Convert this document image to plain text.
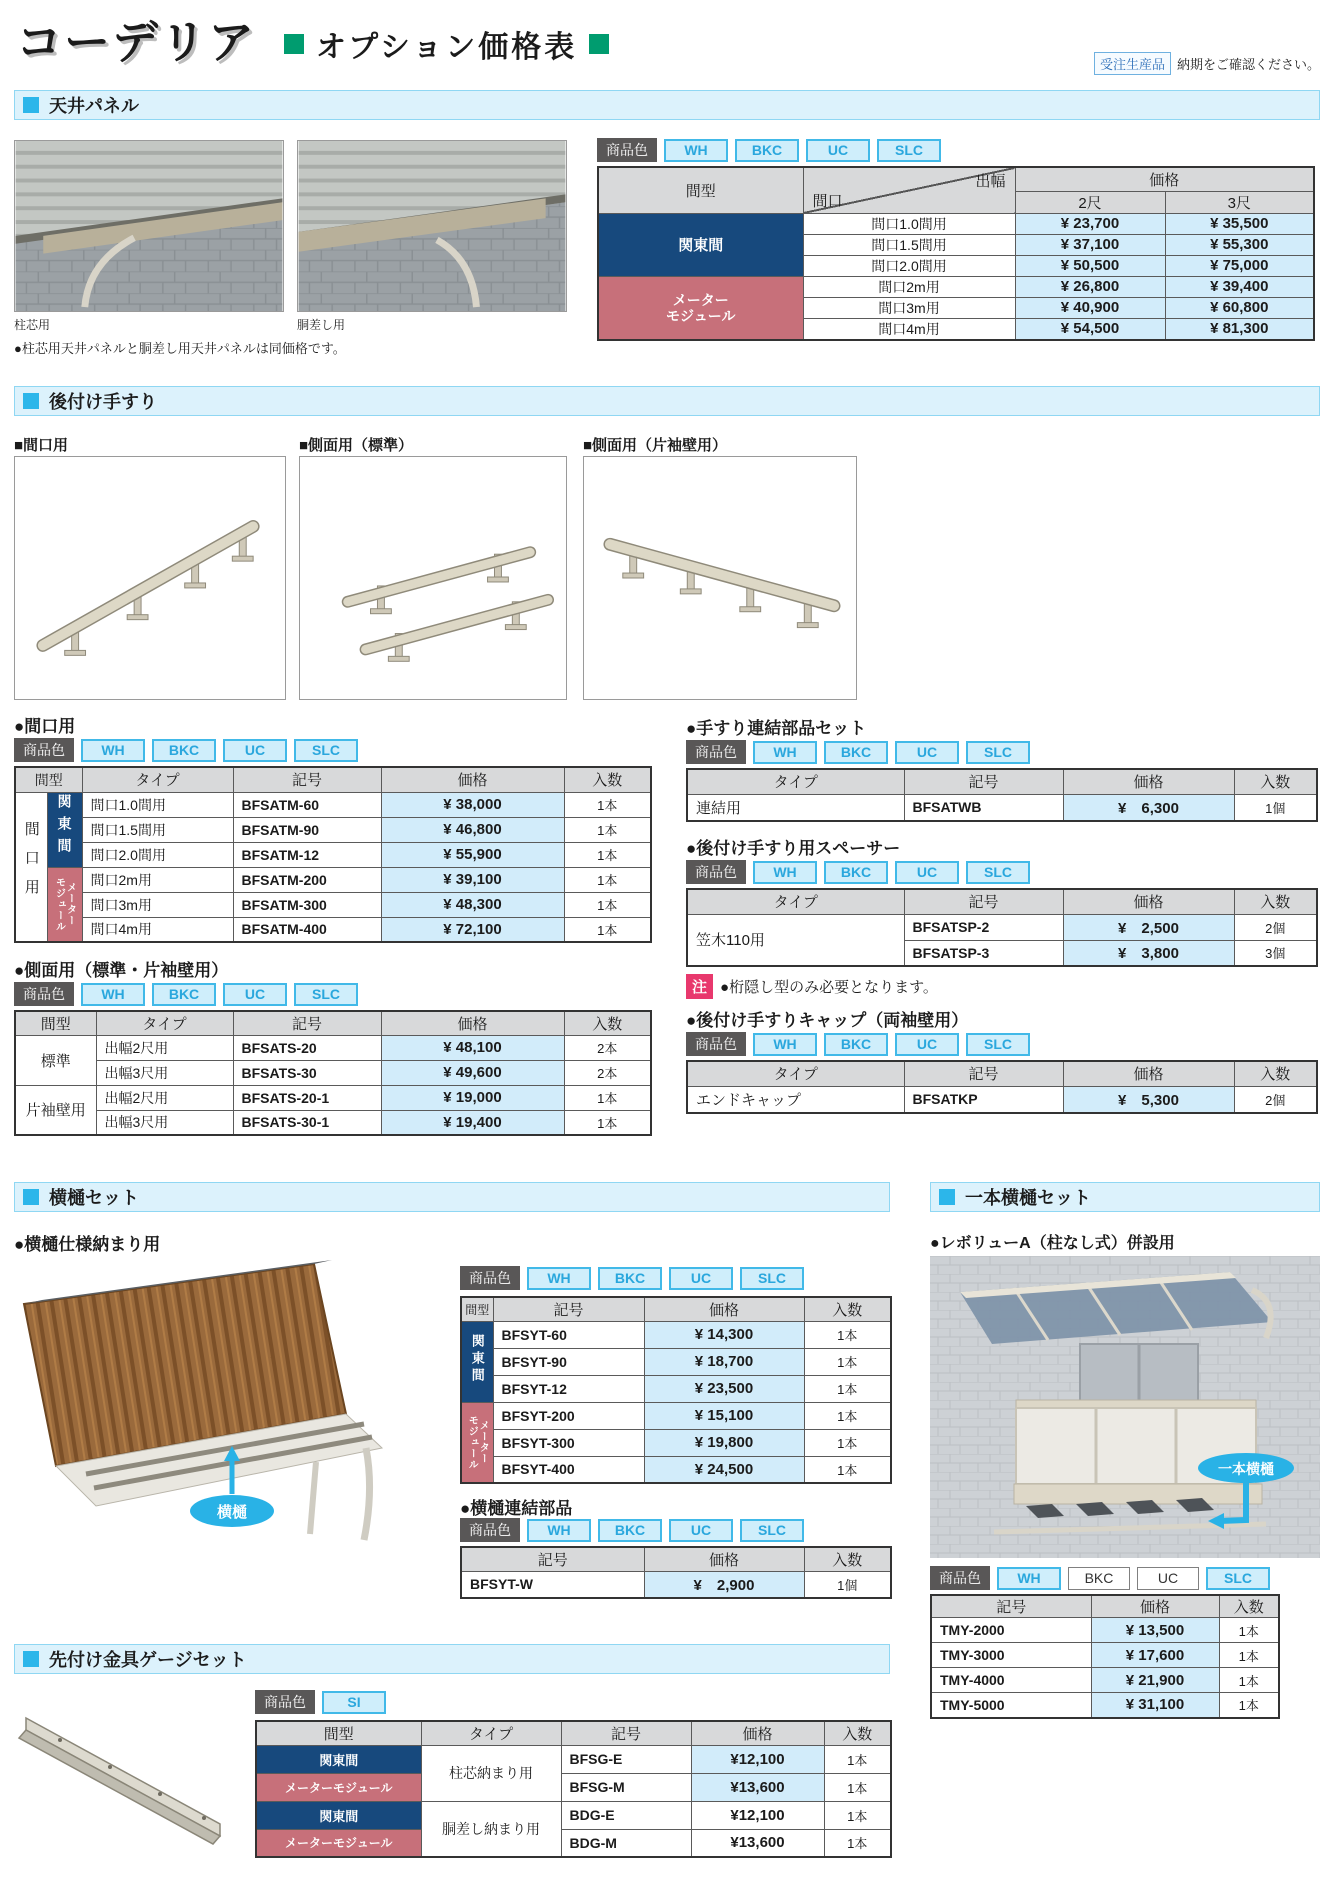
コーデリア オプション価格表
受注生産品 納期をご確認ください。
天井パネル
柱芯用	胴差し用
●柱芯用天井パネルと胴差し用天井パネルは同価格です。
商品色	WH	BKC	UC	SLC
間型	出幅
間口	価格	
		2尺	3尺
関東間	間口1.0間用	¥ 23,700	¥ 35,500
	間口1.5間用	¥ 37,100	¥ 55,300
	間口2.0間用	¥ 50,500	¥ 75,000

メーター
モジュール	間口2m用	¥ 26,800	¥ 39,400
	間口3m用	¥ 40,900	¥ 60,800
	間口4m用	¥ 54,500	¥ 81,300
後付け手すり
■間口用	■側面用（標準）	■側面用（片袖壁用）
●間口用
商品色	WH	BKC	UC	SLC
間型		タイプ	記号	価格	入数
間口用	関東間	間口1.0間用	BFSATM-60	¥ 38,000	1本
		間口1.5間用	BFSATM-90	¥ 46,800	1本
		間口2.0間用	BFSATM-12	¥ 55,900	1本

	メーター
モジュール	間口2m用	BFSATM-200	¥ 39,100	1本
		間口3m用	BFSATM-300	¥ 48,300	1本
		間口4m用	BFSATM-400	¥ 72,100	1本
●側面用（標準・片袖壁用）
商品色	WH	BKC	UC	SLC
間型	タイプ	記号	価格	入数
標準	出幅2尺用	BFSATS-20	¥ 48,100	2本
	出幅3尺用	BFSATS-30	¥ 49,600	2本
片袖壁用	出幅2尺用	BFSATS-20-1	¥ 19,000	1本
	出幅3尺用	BFSATS-30-1	¥ 19,400	1本
●手すり連結部品セット
商品色	WH	BKC	UC	SLC
タイプ	記号	価格	入数
連結用	BFSATWB	¥　6,300	1個
●後付け手すり用スペーサー
商品色	WH	BKC	UC	SLC
タイプ	記号	価格	入数
笠木110用	BFSATSP-2	¥　2,500	2個
	BFSATSP-3	¥　3,800	3個
注 ●桁隠し型のみ必要となります。
●後付け手すりキャップ（両袖壁用）
商品色	WH	BKC	UC	SLC
タイプ	記号	価格	入数
エンドキャップ	BFSATKP	¥　5,300	2個
横樋セット	一本横樋セット
●横樋仕様納まり用
横樋
商品色	WH	BKC	UC	SLC
間型	記号	価格	入数
関東間	BFSYT-60	¥ 14,300	1本
	BFSYT-90	¥ 18,700	1本
	BFSYT-12	¥ 23,500	1本

メーター
モジュール	BFSYT-200	¥ 15,100	1本
	BFSYT-300	¥ 19,800	1本
	BFSYT-400	¥ 24,500	1本
●横樋連結部品
商品色	WH	BKC	UC	SLC
記号	価格	入数
BFSYT-W	¥　2,900	1個
●レボリューA（柱なし式）併設用
一本横樋
商品色	WH	BKC	UC	SLC
記号	価格	入数
TMY-2000	¥ 13,500	1本
TMY-3000	¥ 17,600	1本
TMY-4000	¥ 21,900	1本
TMY-5000	¥ 31,100	1本
先付け金具ゲージセット
商品色	SI
間型	タイプ	記号	価格	入数
関東間	柱芯納まり用	BFSG-E	¥12,100	1本
メーターモジュール		BFSG-M	¥13,600	1本
関東間	胴差し納まり用	BDG-E	¥12,100	1本
メーターモジュール		BDG-M	¥13,600	1本
